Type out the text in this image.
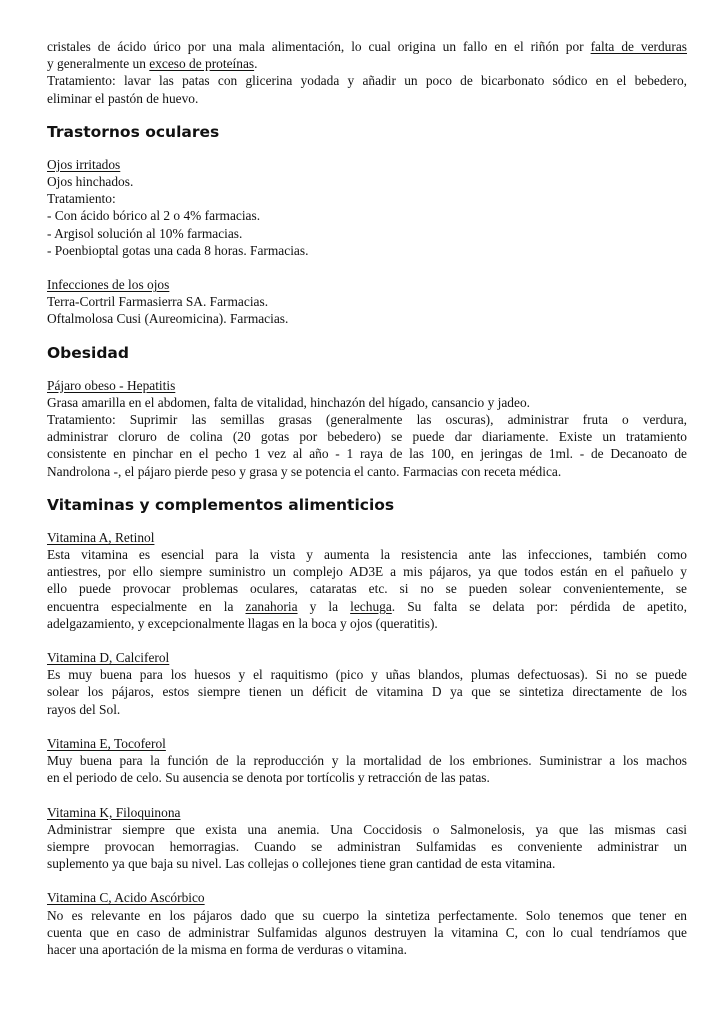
cristales de ácido úrico por una mala alimentación, lo cual origina un fallo en el riñón por falta de verduras
y generalmente un exceso de proteínas.
Tratamiento: lavar las patas con glicerina yodada y añadir un poco de bicarbonato sódico en el bebedero,
eliminar el pastón de huevo.
Trastornos oculares
Ojos irritados
Ojos hinchados.
Tratamiento:
- Con ácido bórico al 2 o 4% farmacias.
- Argisol solución al 10% farmacias.
- Poenbioptal gotas una cada 8 horas. Farmacias.
Infecciones de los ojos
Terra-Cortril Farmasierra SA. Farmacias.
Oftalmolosa Cusi (Aureomicina). Farmacias.
Obesidad
Pájaro obeso - Hepatitis
Grasa amarilla en el abdomen, falta de vitalidad, hinchazón del hígado, cansancio y jadeo.
Tratamiento: Suprimir las semillas grasas (generalmente las oscuras), administrar fruta o verdura,
administrar cloruro de colina (20 gotas por bebedero) se puede dar diariamente. Existe un tratamiento
consistente en pinchar en el pecho 1 vez al año - 1 raya de las 100, en jeringas de 1ml. - de Decanoato de
Nandrolona -, el pájaro pierde peso y grasa y se potencia el canto. Farmacias con receta médica.
Vitaminas y complementos alimenticios
Vitamina A, Retinol
Esta vitamina es esencial para la vista y aumenta la resistencia ante las infecciones, también como
antiestres, por ello siempre suministro un complejo AD3E a mis pájaros, ya que todos están en el pañuelo y
ello puede provocar problemas oculares, cataratas etc. si no se pueden solear convenientemente, se
encuentra especialmente en la zanahoria y la lechuga. Su falta se delata por: pérdida de apetito,
adelgazamiento, y excepcionalmente llagas en la boca y ojos (queratitis).
Vitamina D, Calciferol
Es muy buena para los huesos y el raquitismo (pico y uñas blandos, plumas defectuosas). Si no se puede
solear los pájaros, estos siempre tienen un déficit de vitamina D ya que se sintetiza directamente de los
rayos del Sol.
Vitamina E, Tocoferol
Muy buena para la función de la reproducción y la mortalidad de los embriones. Suministrar a los machos
en el periodo de celo. Su ausencia se denota por tortícolis y retracción de las patas.
Vitamina K, Filoquinona
Administrar siempre que exista una anemia. Una Coccidosis o Salmonelosis, ya que las mismas casi
siempre provocan hemorragias. Cuando se administran Sulfamidas es conveniente administrar un
suplemento ya que baja su nivel. Las collejas o collejones tiene gran cantidad de esta vitamina.
Vitamina C, Acido Ascórbico
No es relevante en los pájaros dado que su cuerpo la sintetiza perfectamente. Solo tenemos que tener en
cuenta que en caso de administrar Sulfamidas algunos destruyen la vitamina C, con lo cual tendríamos que
hacer una aportación de la misma en forma de verduras o vitamina.
